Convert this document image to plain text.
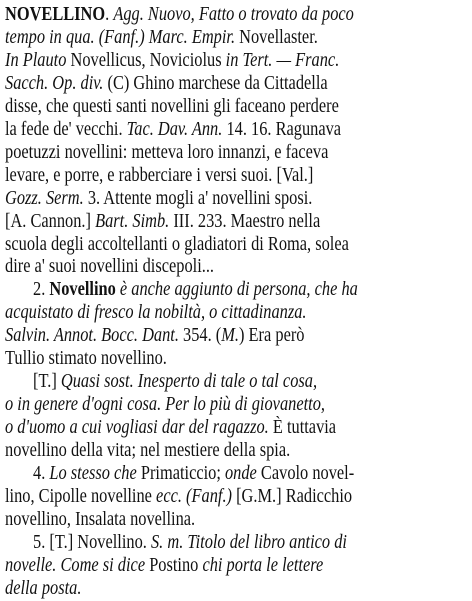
NOVELLINO. Agg. Nuovo, Fatto o trovato da poco
tempo in qua. (Fanf.) Marc. Empir. Novellaster.
In Plauto Novellicus, Noviciolus in Tert. — Franc.
Sacch. Op. div. (C) Ghino marchese da Cittadella
disse, che questi santi novellini gli faceano perdere
la fede de' vecchi. Tac. Dav. Ann. 14. 16. Ragunava
poetuzzi novellini: metteva loro innanzi, e faceva
levare, e porre, e rabberciare i versi suoi. [Val.]
Gozz. Serm. 3. Attente mogli a' novellini sposi.
[A. Cannon.] Bart. Simb. III. 233. Maestro nella
scuola degli accoltellanti o gladiatori di Roma, solea
dire a' suoi novellini discepoli...
2. Novellino è anche aggiunto di persona, che ha
acquistato di fresco la nobiltà, o cittadinanza.
Salvin. Annot. Bocc. Dant. 354. (M.) Era però
Tullio stimato novellino.
[T.] Quasi sost. Inesperto di tale o tal cosa,
o in genere d'ogni cosa. Per lo più di giovanetto,
o d'uomo a cui vogliasi dar del ragazzo. È tuttavia
novellino della vita; nel mestiere della spia.
4. Lo stesso che Primaticcio; onde Cavolo novel-
lino, Cipolle novelline ecc. (Fanf.) [G.M.] Radicchio
novellino, Insalata novellina.
5. [T.] Novellino. S. m. Titolo del libro antico di
novelle. Come si dice Postino chi porta le lettere
della posta.
